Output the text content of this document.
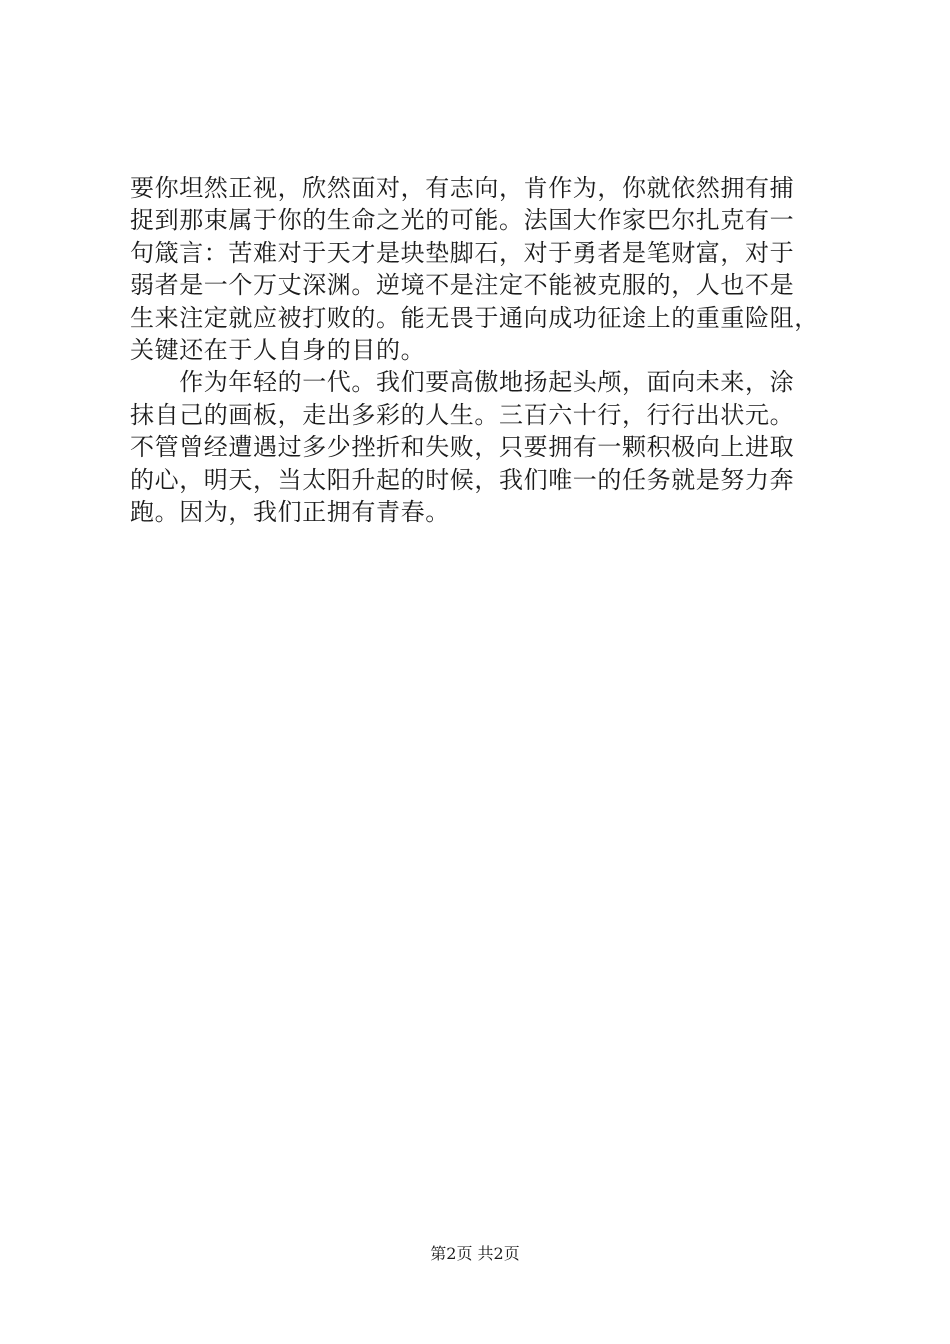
要你坦然正视，欣然面对，有志向，肯作为，你就依然拥有捕
捉到那束属于你的生命之光的可能。法国大作家巴尔扎克有一
句箴言：苦难对于天才是块垫脚石，对于勇者是笔财富，对于
弱者是一个万丈深渊。逆境不是注定不能被克服的，人也不是
生来注定就应被打败的。能无畏于通向成功征途上的重重险阻，
关键还在于人自身的目的。
　　作为年轻的一代。我们要高傲地扬起头颅，面向未来，涂
抹自己的画板，走出多彩的人生。三百六十行，行行出状元。
不管曾经遭遇过多少挫折和失败，只要拥有一颗积极向上进取
的心，明天，当太阳升起的时候，我们唯一的任务就是努力奔
跑。因为，我们正拥有青春。
第2页 共2页
